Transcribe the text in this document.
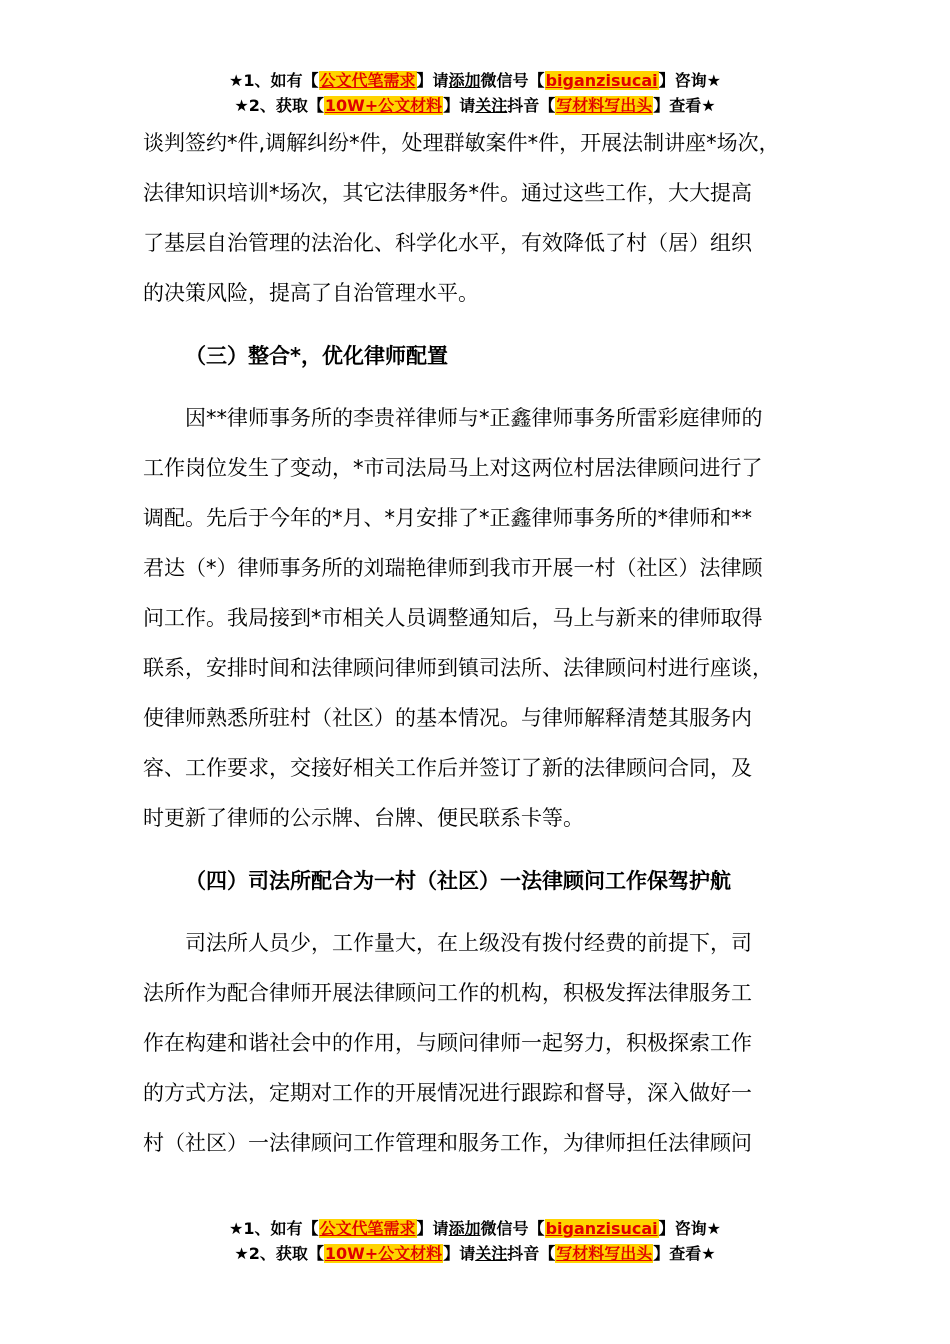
★1、如有【公文代笔需求】请添加微信号【biganzisucai】咨询★
★2、获取【10W+公文材料】请关注抖音【写材料写出头】查看★
谈判签约*件,调解纠纷*件，处理群敏案件*件，开展法制讲座*场次，
法律知识培训*场次，其它法律服务*件。通过这些工作，大大提高
了基层自治管理的法治化、科学化水平，有效降低了村（居）组织
的决策风险，提高了自治管理水平。
（三）整合*，优化律师配置
因**律师事务所的李贵祥律师与*正鑫律师事务所雷彩庭律师的
工作岗位发生了变动，*市司法局马上对这两位村居法律顾问进行了
调配。先后于今年的*月、*月安排了*正鑫律师事务所的*律师和**
君达（*）律师事务所的刘瑞艳律师到我市开展一村（社区）法律顾
问工作。我局接到*市相关人员调整通知后，马上与新来的律师取得
联系，安排时间和法律顾问律师到镇司法所、法律顾问村进行座谈，
使律师熟悉所驻村（社区）的基本情况。与律师解释清楚其服务内
容、工作要求，交接好相关工作后并签订了新的法律顾问合同，及
时更新了律师的公示牌、台牌、便民联系卡等。
（四）司法所配合为一村（社区）一法律顾问工作保驾护航
司法所人员少，工作量大，在上级没有拨付经费的前提下，司
法所作为配合律师开展法律顾问工作的机构，积极发挥法律服务工
作在构建和谐社会中的作用，与顾问律师一起努力，积极探索工作
的方式方法，定期对工作的开展情况进行跟踪和督导，深入做好一
村（社区）一法律顾问工作管理和服务工作，为律师担任法律顾问
★1、如有【公文代笔需求】请添加微信号【biganzisucai】咨询★
★2、获取【10W+公文材料】请关注抖音【写材料写出头】查看★
